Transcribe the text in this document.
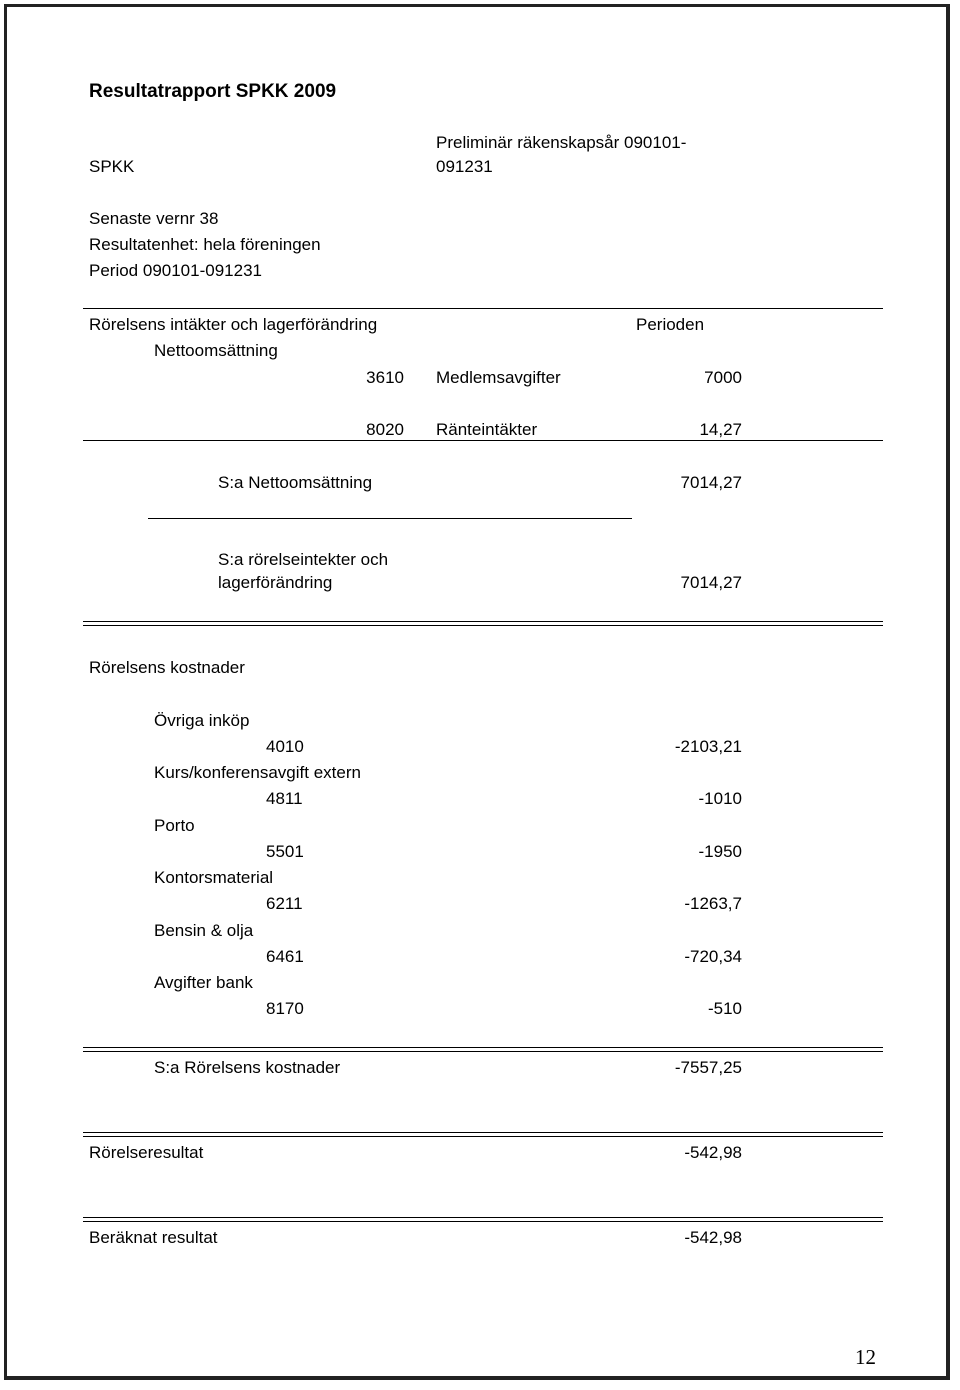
Resultatrapport SPKK 2009
SPKK
Preliminär räkenskapsår 090101-
091231
Senaste vernr 38
Resultatenhet: hela föreningen
Period 090101-091231
Rörelsens intäkter och lagerförändring	Perioden
Nettoomsättning
3610 Medlemsavgifter	7000
8020 Ränteintäkter	14,27
S:a Nettoomsättning	7014,27
S:a rörelseintekter och
lagerförändring	7014,27
Rörelsens kostnader
Övriga inköp
4010	-2103,21
Kurs/konferensavgift extern
4811	-1010
Porto
5501	-1950
Kontorsmaterial
6211	-1263,7
Bensin & olja
6461	-720,34
Avgifter bank
8170	-510
S:a Rörelsens kostnader	-7557,25
Rörelseresultat	-542,98
Beräknat resultat	-542,98
12
